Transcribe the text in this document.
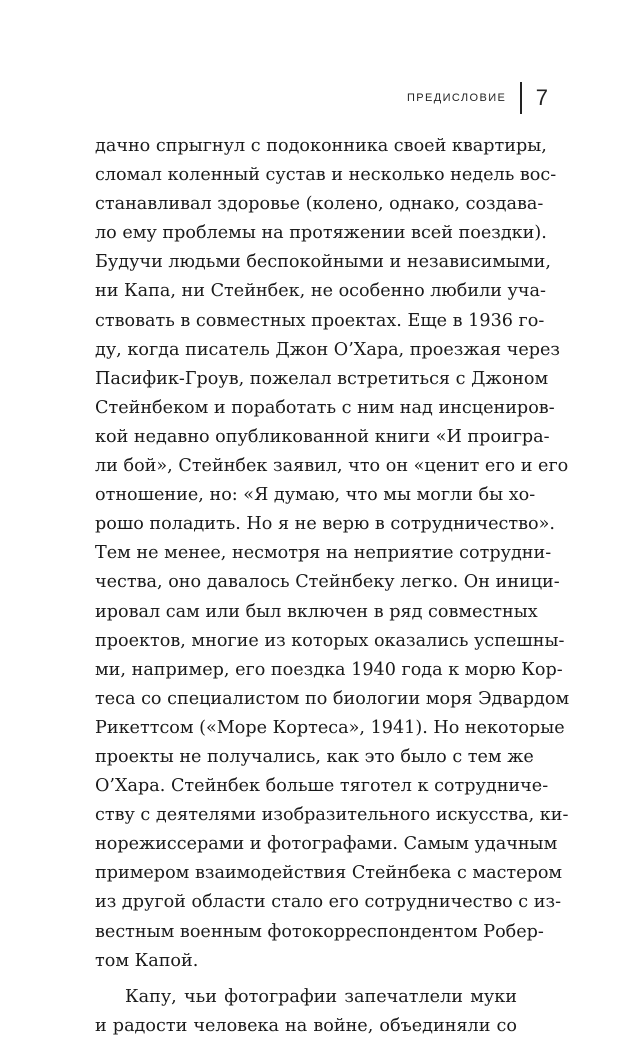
ПРЕДИСЛОВИЕ	7
дачно спрыгнул с подоконника своей квартиры,
сломал коленный сустав и несколько недель вос-
станавливал здоровье (колено, однако, создава-
ло ему проблемы на протяжении всей поездки).
Будучи людьми беспокойными и независимыми,
ни Капа, ни Стейнбек, не особенно любили уча-
ствовать в совместных проектах. Еще в 1936 го-
ду, когда писатель Джон О’Хара, проезжая через
Пасифик-Гроув, пожелал встретиться с Джоном
Стейнбеком и поработать с ним над инсцениров-
кой недавно опубликованной книги «И проигра-
ли бой», Стейнбек заявил, что он «ценит его и его
отношение, но: «Я думаю, что мы могли бы хо-
рошо поладить. Но я не верю в сотрудничество».
Тем не менее, несмотря на неприятие сотрудни-
чества, оно давалось Стейнбеку легко. Он иници-
ировал сам или был включен в ряд совместных
проектов, многие из которых оказались успешны-
ми, например, его поездка 1940 года к морю Кор-
теса со специалистом по биологии моря Эдвардом
Рикеттсом («Море Кортеса», 1941). Но некоторые
проекты не получались, как это было с тем же
О’Хара. Стейнбек больше тяготел к сотрудниче-
ству с деятелями изобразительного искусства, ки-
норежиссерами и фотографами. Самым удачным
примером взаимодействия Стейнбека с мастером
из другой области стало его сотрудничество с из-
вестным военным фотокорреспондентом Робер-
том Капой.
Капу, чьи фотографии запечатлели муки
и радости человека на войне, объединяли со
